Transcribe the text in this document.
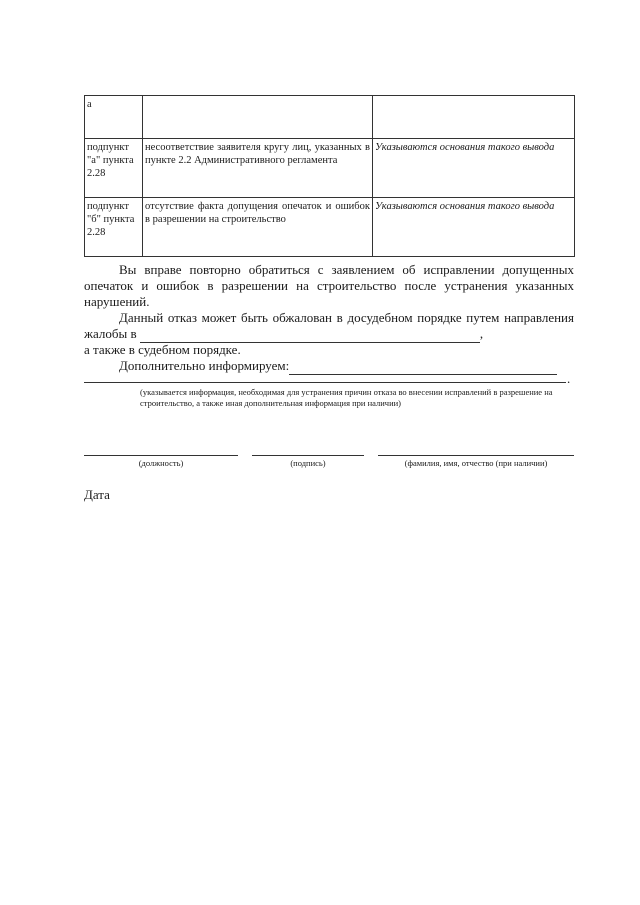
а		
подпункт "а" пункта 2.28	несоответствие заявителя кругу лиц, указанных в пункте 2.2 Административного регламента	Указываются основания такого вывода
подпункт "б" пункта 2.28	отсутствие факта допущения опечаток и ошибок в разрешении на строительство	Указываются основания такого вывода
Вы вправе повторно обратиться с заявлением об исправлении допущенных опечаток и ошибок в разрешении на строительство после устранения указанных нарушений.
Данный отказ может быть обжалован в досудебном порядке путем направления жалобы в	,
а также в судебном порядке.
Дополнительно информируем:
.
(указывается информация, необходимая для устранения причин отказа во внесении исправлений в разрешение на строительство, а также иная дополнительная информация при наличии)
(должность)	(подпись)	(фамилия, имя, отчество (при наличии)
Дата
